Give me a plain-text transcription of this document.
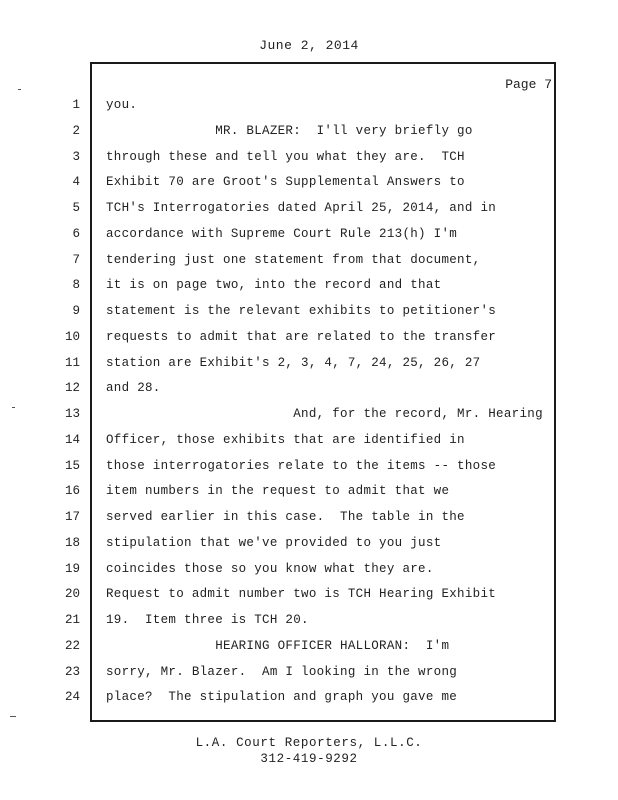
June 2, 2014
Page 7
1 you.
2 MR. BLAZER:  I'll very briefly go
3 through these and tell you what they are.  TCH
4 Exhibit 70 are Groot's Supplemental Answers to
5 TCH's Interrogatories dated April 25, 2014, and in
6 accordance with Supreme Court Rule 213(h) I'm
7 tendering just one statement from that document,
8 it is on page two, into the record and that
9 statement is the relevant exhibits to petitioner's
10 requests to admit that are related to the transfer
11 station are Exhibit's 2, 3, 4, 7, 24, 25, 26, 27
12 and 28.
13 And, for the record, Mr. Hearing
14 Officer, those exhibits that are identified in
15 those interrogatories relate to the items -- those
16 item numbers in the request to admit that we
17 served earlier in this case.  The table in the
18 stipulation that we've provided to you just
19 coincides those so you know what they are.
20 Request to admit number two is TCH Hearing Exhibit
21 19.  Item three is TCH 20.
22 HEARING OFFICER HALLORAN:  I'm
23 sorry, Mr. Blazer.  Am I looking in the wrong
24 place?  The stipulation and graph you gave me
L.A. Court Reporters, L.L.C.
312-419-9292
